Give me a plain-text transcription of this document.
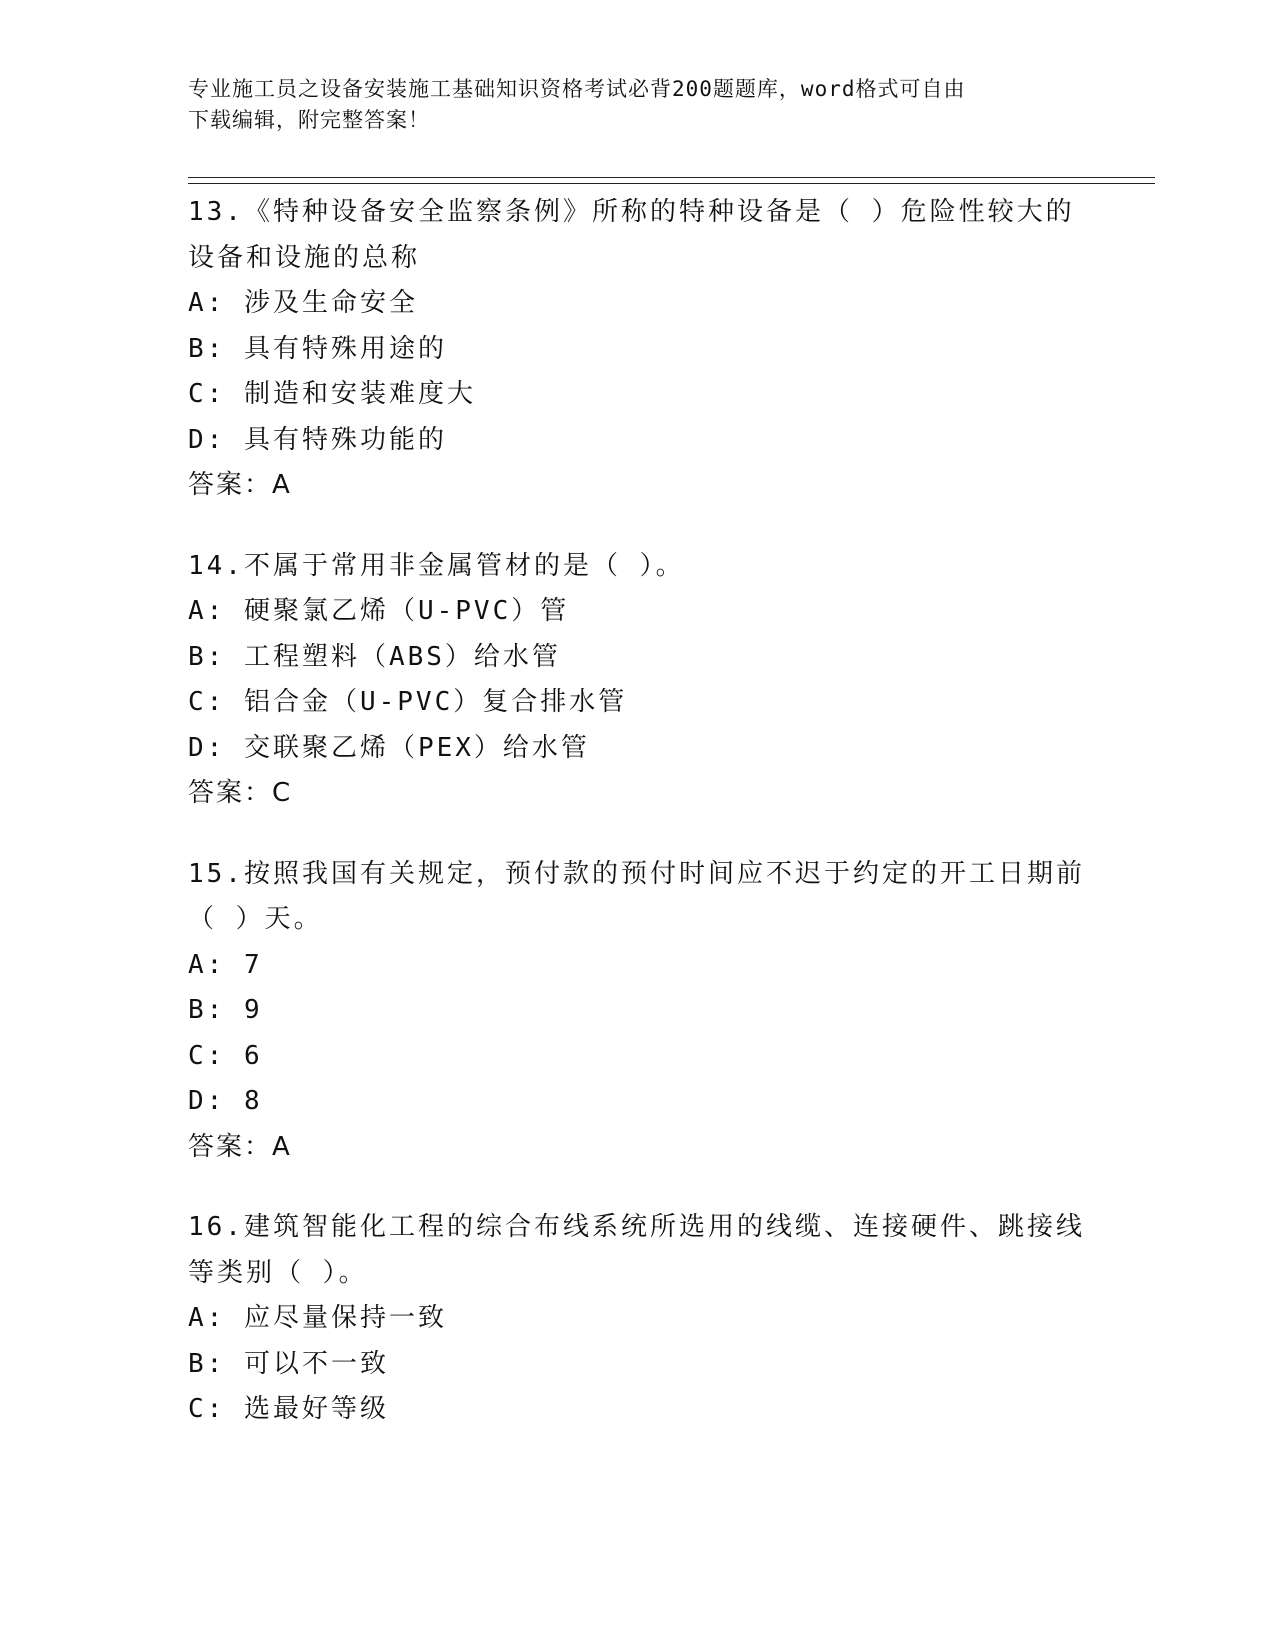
专业施工员之设备安装施工基础知识资格考试必背200题题库，word格式可自由
下载编辑，附完整答案！

13.《特种设备安全监察条例》所称的特种设备是（ ）危险性较大的设备和设施的总称

A: 涉及生命安全

B: 具有特殊用途的

C: 制造和安装难度大

D: 具有特殊功能的

答案：A

14.不属于常用非金属管材的是（ ）。

A: 硬聚氯乙烯（U-PVC）管

B: 工程塑料（ABS）给水管

C: 铝合金（U-PVC）复合排水管

D: 交联聚乙烯（PEX）给水管

答案：C

15.按照我国有关规定，预付款的预付时间应不迟于约定的开工日期前（ ）天。

A: 7

B: 9

C: 6

D: 8

答案：A

16.建筑智能化工程的综合布线系统所选用的线缆、连接硬件、跳接线等类别（ ）。

A: 应尽量保持一致

B: 可以不一致

C: 选最好等级
